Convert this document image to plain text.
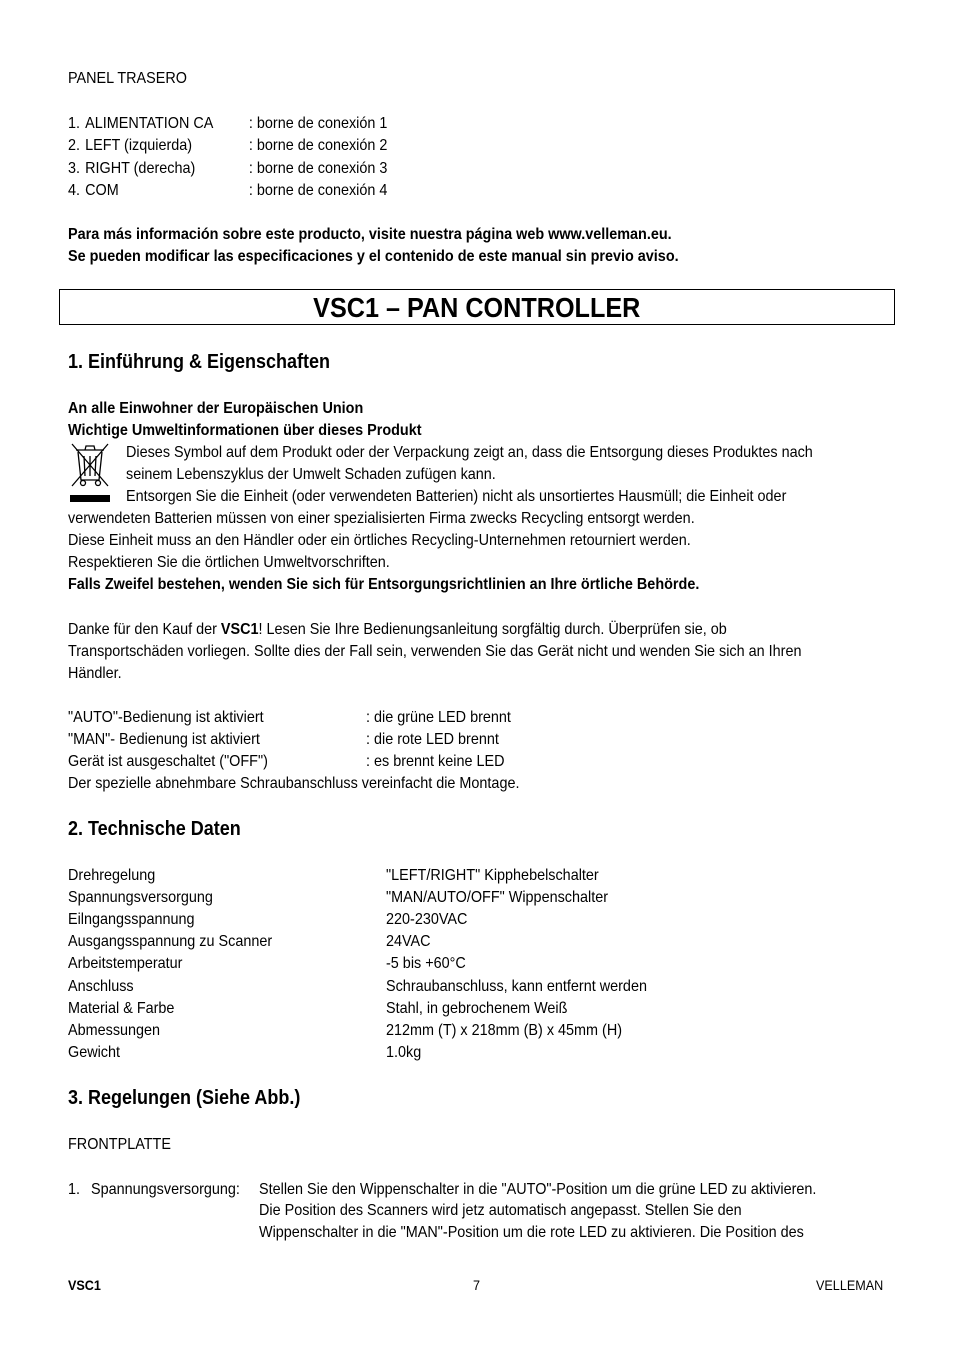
PANEL TRASERO
1. ALIMENTATION CA : borne de conexión 1
2. LEFT (izquierda)	: borne de conexión 2
3. RIGHT (derecha)	: borne de conexión 3
4. COM	: borne de conexión 4
Para más información sobre este producto, visite nuestra página web www.velleman.eu.
Se pueden modificar las especificaciones y el contenido de este manual sin previo aviso.
VSC1 – PAN CONTROLLER
1. Einführung & Eigenschaften
An alle Einwohner der Europäischen Union
Wichtige Umweltinformationen über dieses Produkt
Dieses Symbol auf dem Produkt oder der Verpackung zeigt an, dass die Entsorgung dieses Produktes nach
seinem Lebenszyklus der Umwelt Schaden zufügen kann.
Entsorgen Sie die Einheit (oder verwendeten Batterien) nicht als unsortiertes Hausmüll; die Einheit oder
verwendeten Batterien müssen von einer spezialisierten Firma zwecks Recycling entsorgt werden.
Diese Einheit muss an den Händler oder ein örtliches Recycling-Unternehmen retourniert werden.
Respektieren Sie die örtlichen Umweltvorschriften.
Falls Zweifel bestehen, wenden Sie sich für Entsorgungsrichtlinien an Ihre örtliche Behörde.
Danke für den Kauf der VSC1! Lesen Sie Ihre Bedienungsanleitung sorgfältig durch. Überprüfen sie, ob
Transportschäden vorliegen. Sollte dies der Fall sein, verwenden Sie das Gerät nicht und wenden Sie sich an Ihren
Händler.
"AUTO"-Bedienung ist aktiviert	: die grüne LED brennt
"MAN"- Bedienung ist aktiviert	: die rote LED brennt
Gerät ist ausgeschaltet ("OFF")	: es brennt keine LED
Der spezielle abnehmbare Schraubanschluss vereinfacht die Montage.
2. Technische Daten
Drehregelung	"LEFT/RIGHT" Kipphebelschalter
Spannungsversorgung	"MAN/AUTO/OFF" Wippenschalter
Eilngangsspannung	220-230VAC
Ausgangsspannung zu Scanner	24VAC
Arbeitstemperatur	-5 bis +60°C
Anschluss	Schraubanschluss, kann entfernt werden
Material & Farbe	Stahl, in gebrochenem Weiß
Abmessungen	212mm (T) x 218mm (B) x 45mm (H)
Gewicht	1.0kg
3. Regelungen (Siehe Abb.)
FRONTPLATTE
1. Spannungsversorgung: Stellen Sie den Wippenschalter in die "AUTO"-Position um die grüne LED zu aktivieren.
Die Position des Scanners wird jetz automatisch angepasst. Stellen Sie den
Wippenschalter in die "MAN"-Position um die rote LED zu aktivieren. Die Position des
VSC1	7	VELLEMAN
